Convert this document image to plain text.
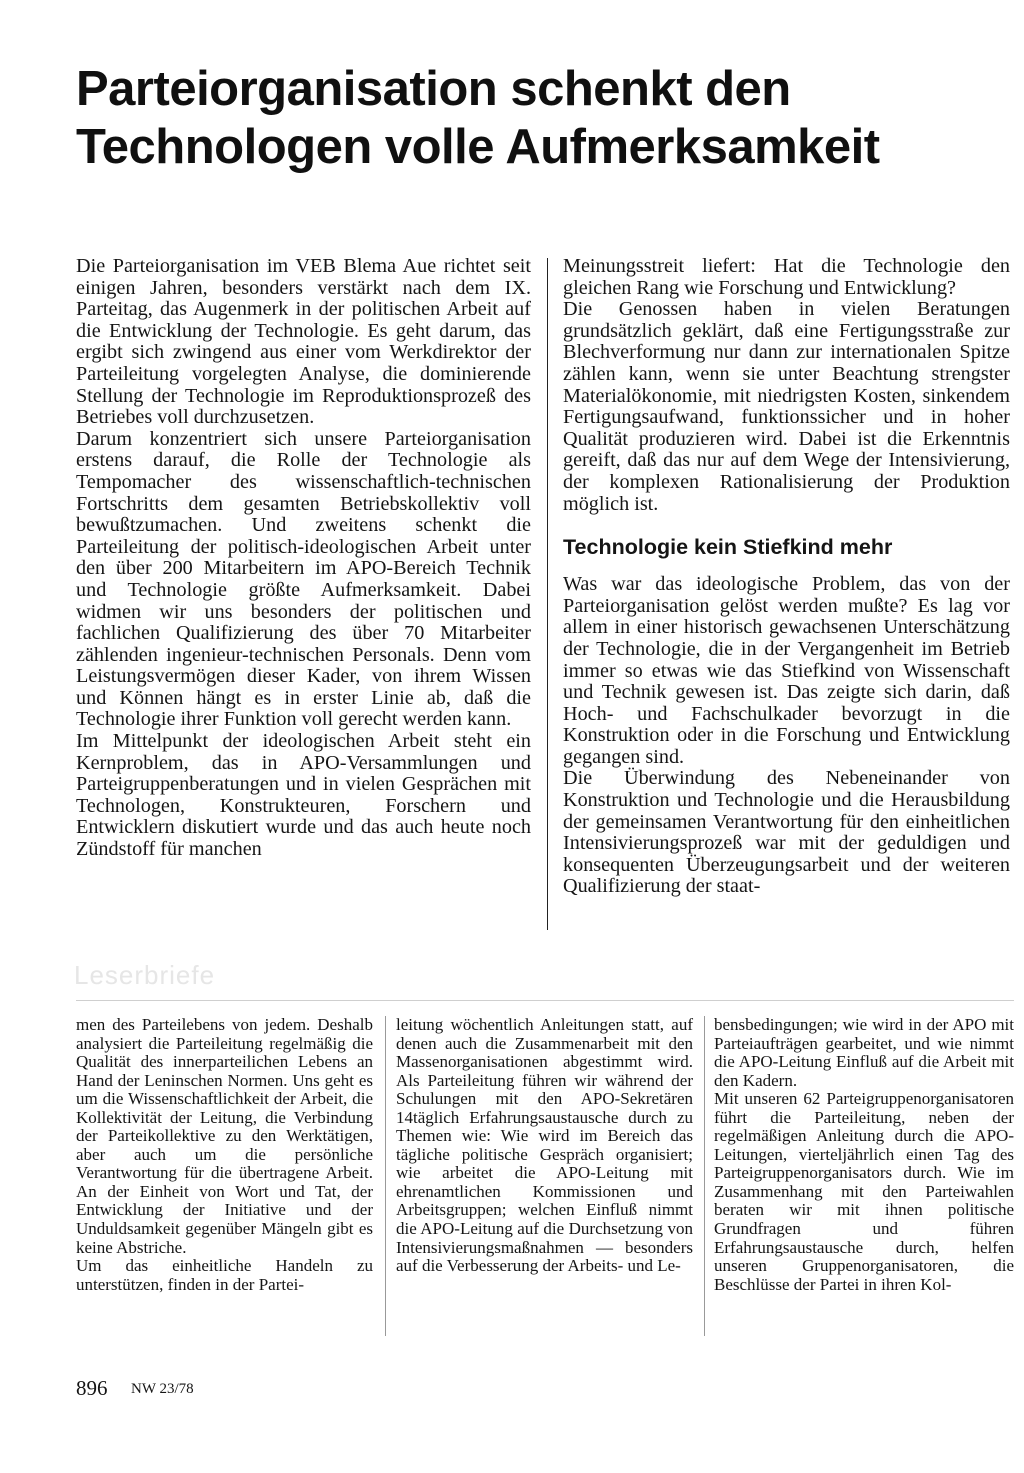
Parteiorganisation schenkt den
Technologen volle Aufmerksamkeit

Die Parteiorganisation im VEB Blema Aue richtet seit einigen Jahren, besonders verstärkt nach dem IX. Parteitag, das Augenmerk in der politischen Arbeit auf die Entwicklung der Technologie. Es geht darum, das ergibt sich zwingend aus einer vom Werkdirektor der Parteileitung vorgelegten Analyse, die dominierende Stellung der Technologie im Reproduktionsprozeß des Betriebes voll durchzusetzen.

Darum konzentriert sich unsere Parteiorganisation erstens darauf, die Rolle der Technologie als Tempomacher des wissenschaftlich-technischen Fortschritts dem gesamten Betriebskollektiv voll bewußtzumachen. Und zweitens schenkt die Parteileitung der politisch-ideologischen Arbeit unter den über 200 Mitarbeitern im APO-Bereich Technik und Technologie größte Aufmerksamkeit. Dabei widmen wir uns besonders der politischen und fachlichen Qualifizierung des über 70 Mitarbeiter zählenden ingenieur-technischen Personals. Denn vom Leistungsvermögen dieser Kader, von ihrem Wissen und Können hängt es in erster Linie ab, daß die Technologie ihrer Funktion voll gerecht werden kann.

Im Mittelpunkt der ideologischen Arbeit steht ein Kernproblem, das in APO-Versammlungen und Parteigruppenberatungen und in vielen Gesprächen mit Technologen, Konstrukteuren, Forschern und Entwicklern diskutiert wurde und das auch heute noch Zündstoff für manchen

Meinungsstreit liefert: Hat die Technologie den gleichen Rang wie Forschung und Entwicklung?

Die Genossen haben in vielen Beratungen grundsätzlich geklärt, daß eine Fertigungsstraße zur Blechverformung nur dann zur internationalen Spitze zählen kann, wenn sie unter Beachtung strengster Materialökonomie, mit niedrigsten Kosten, sinkendem Fertigungsaufwand, funktionssicher und in hoher Qualität produzieren wird. Dabei ist die Erkenntnis gereift, daß das nur auf dem Wege der Intensivierung, der komplexen Rationalisierung der Produktion möglich ist.

Technologie kein Stiefkind mehr

Was war das ideologische Problem, das von der Parteiorganisation gelöst werden mußte? Es lag vor allem in einer historisch gewachsenen Unterschätzung der Technologie, die in der Vergangenheit im Betrieb immer so etwas wie das Stiefkind von Wissenschaft und Technik gewesen ist. Das zeigte sich darin, daß Hoch- und Fachschulkader bevorzugt in die Konstruktion oder in die Forschung und Entwicklung gegangen sind.

Die Überwindung des Nebeneinander von Konstruktion und Technologie und die Herausbildung der gemeinsamen Verantwortung für den einheitlichen Intensivierungsprozeß war mit der geduldigen und konsequenten Überzeugungsarbeit und der weiteren Qualifizierung der staat-

Leserbriefe

men des Parteilebens von jedem. Deshalb analysiert die Parteileitung regelmäßig die Qualität des innerparteilichen Lebens an Hand der Leninschen Normen. Uns geht es um die Wissenschaftlichkeit der Arbeit, die Kollektivität der Leitung, die Verbindung der Parteikollektive zu den Werktätigen, aber auch um die persönliche Verantwortung für die übertragene Arbeit. An der Einheit von Wort und Tat, der Entwicklung der Initiative und der Unduldsamkeit gegenüber Mängeln gibt es keine Abstriche.

Um das einheitliche Handeln zu unterstützen, finden in der Partei-

leitung wöchentlich Anleitungen statt, auf denen auch die Zusammenarbeit mit den Massenorganisationen abgestimmt wird. Als Parteileitung führen wir während der Schulungen mit den APO-Sekretären 14täglich Erfahrungsaustausche durch zu Themen wie: Wie wird im Bereich das tägliche politische Gespräch organisiert; wie arbeitet die APO-Leitung mit ehrenamtlichen Kommissionen und Arbeitsgruppen; welchen Einfluß nimmt die APO-Leitung auf die Durchsetzung von Intensivierungsmaßnahmen — besonders auf die Verbesserung der Arbeits- und Le-

bensbedingungen; wie wird in der APO mit Parteiaufträgen gearbeitet, und wie nimmt die APO-Leitung Einfluß auf die Arbeit mit den Kadern.

Mit unseren 62 Parteigruppenorganisatoren führt die Parteileitung, neben der regelmäßigen Anleitung durch die APO-Leitungen, vierteljährlich einen Tag des Parteigruppenorganisators durch. Wie im Zusammenhang mit den Parteiwahlen beraten wir mit ihnen politische Grundfragen und führen Erfahrungsaustausche durch, helfen unseren Gruppenorganisatoren, die Beschlüsse der Partei in ihren Kol-

896 NW 23/78
